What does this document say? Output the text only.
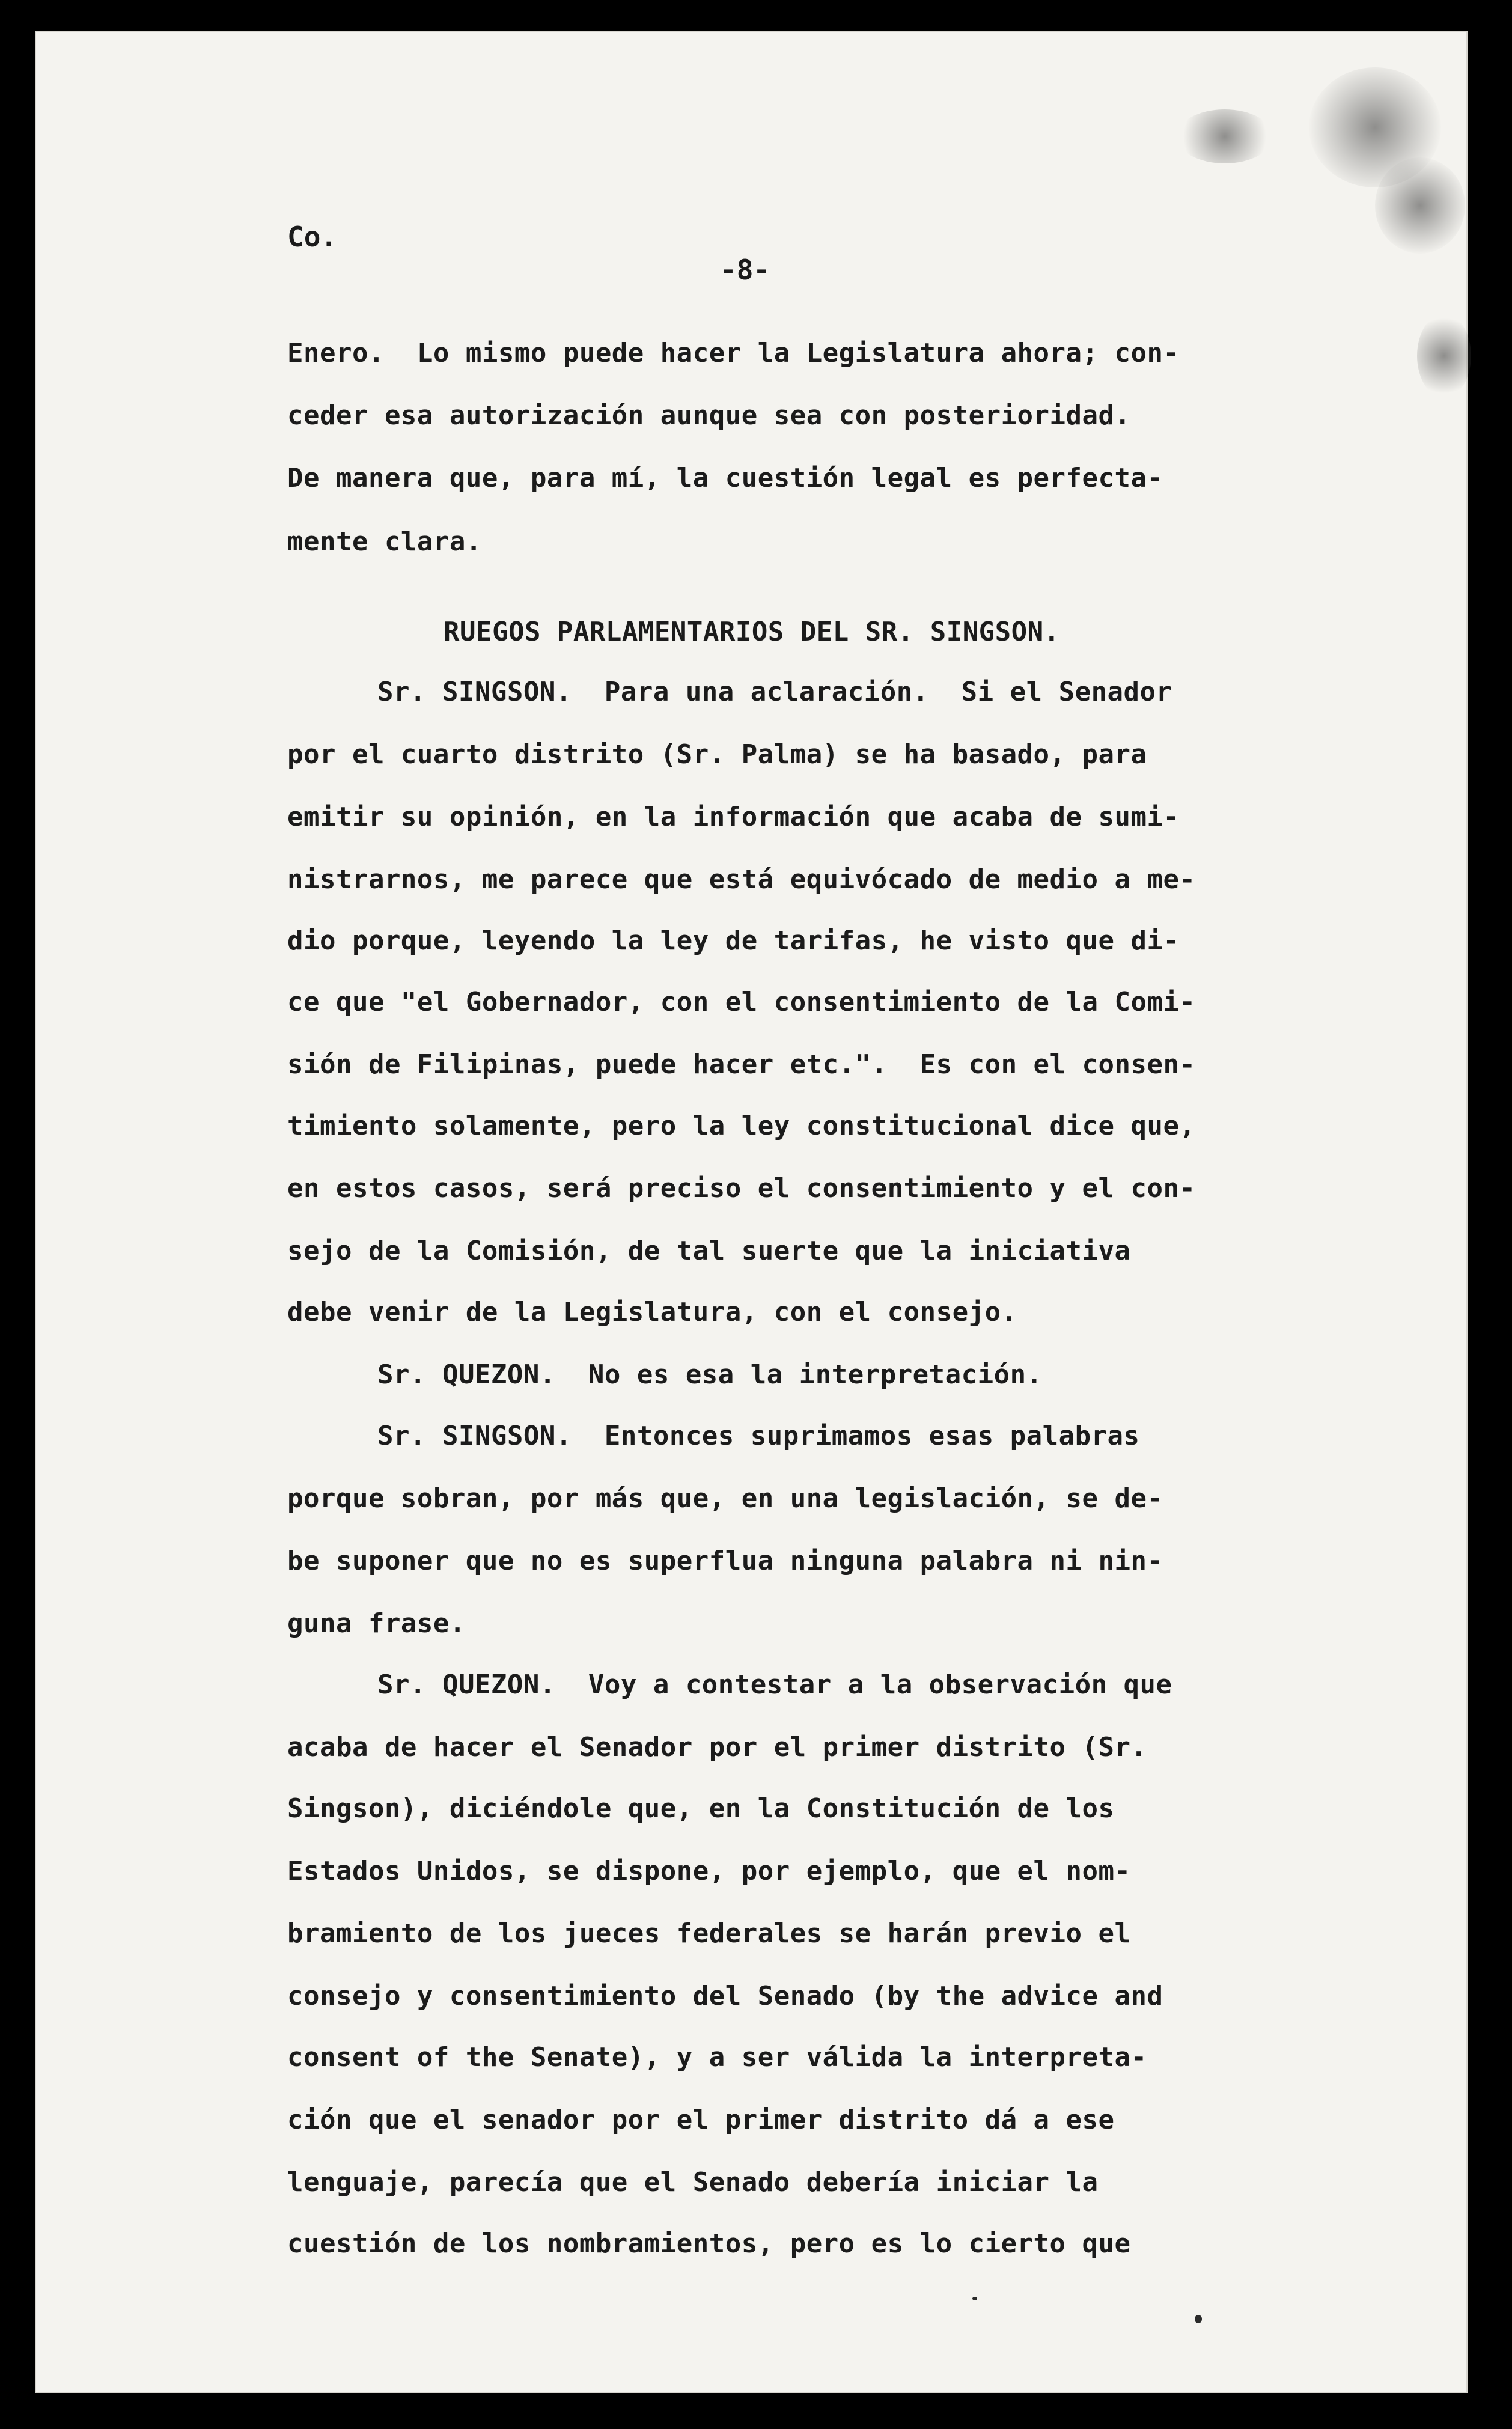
Co.
-8-
Enero.  Lo mismo puede hacer la Legislatura ahora; con-
ceder esa autorización aunque sea con posterioridad.
De manera que, para mí, la cuestión legal es perfecta-
mente clara.
RUEGOS PARLAMENTARIOS DEL SR. SINGSON.
Sr. SINGSON.  Para una aclaración.  Si el Senador
por el cuarto distrito (Sr. Palma) se ha basado, para
emitir su opinión, en la información que acaba de sumi-
nistrarnos, me parece que está equivócado de medio a me-
dio porque, leyendo la ley de tarifas, he visto que di-
ce que "el Gobernador, con el consentimiento de la Comi-
sión de Filipinas, puede hacer etc.".  Es con el consen-
timiento solamente, pero la ley constitucional dice que,
en estos casos, será preciso el consentimiento y el con-
sejo de la Comisión, de tal suerte que la iniciativa
debe venir de la Legislatura, con el consejo.
Sr. QUEZON.  No es esa la interpretación.
Sr. SINGSON.  Entonces suprimamos esas palabras
porque sobran, por más que, en una legislación, se de-
be suponer que no es superflua ninguna palabra ni nin-
guna frase.
Sr. QUEZON.  Voy a contestar a la observación que
acaba de hacer el Senador por el primer distrito (Sr.
Singson), diciéndole que, en la Constitución de los
Estados Unidos, se dispone, por ejemplo, que el nom-
bramiento de los jueces federales se harán previo el
consejo y consentimiento del Senado (by the advice and
consent of the Senate), y a ser válida la interpreta-
ción que el senador por el primer distrito dá a ese
lenguaje, parecía que el Senado debería iniciar la
cuestión de los nombramientos, pero es lo cierto que
